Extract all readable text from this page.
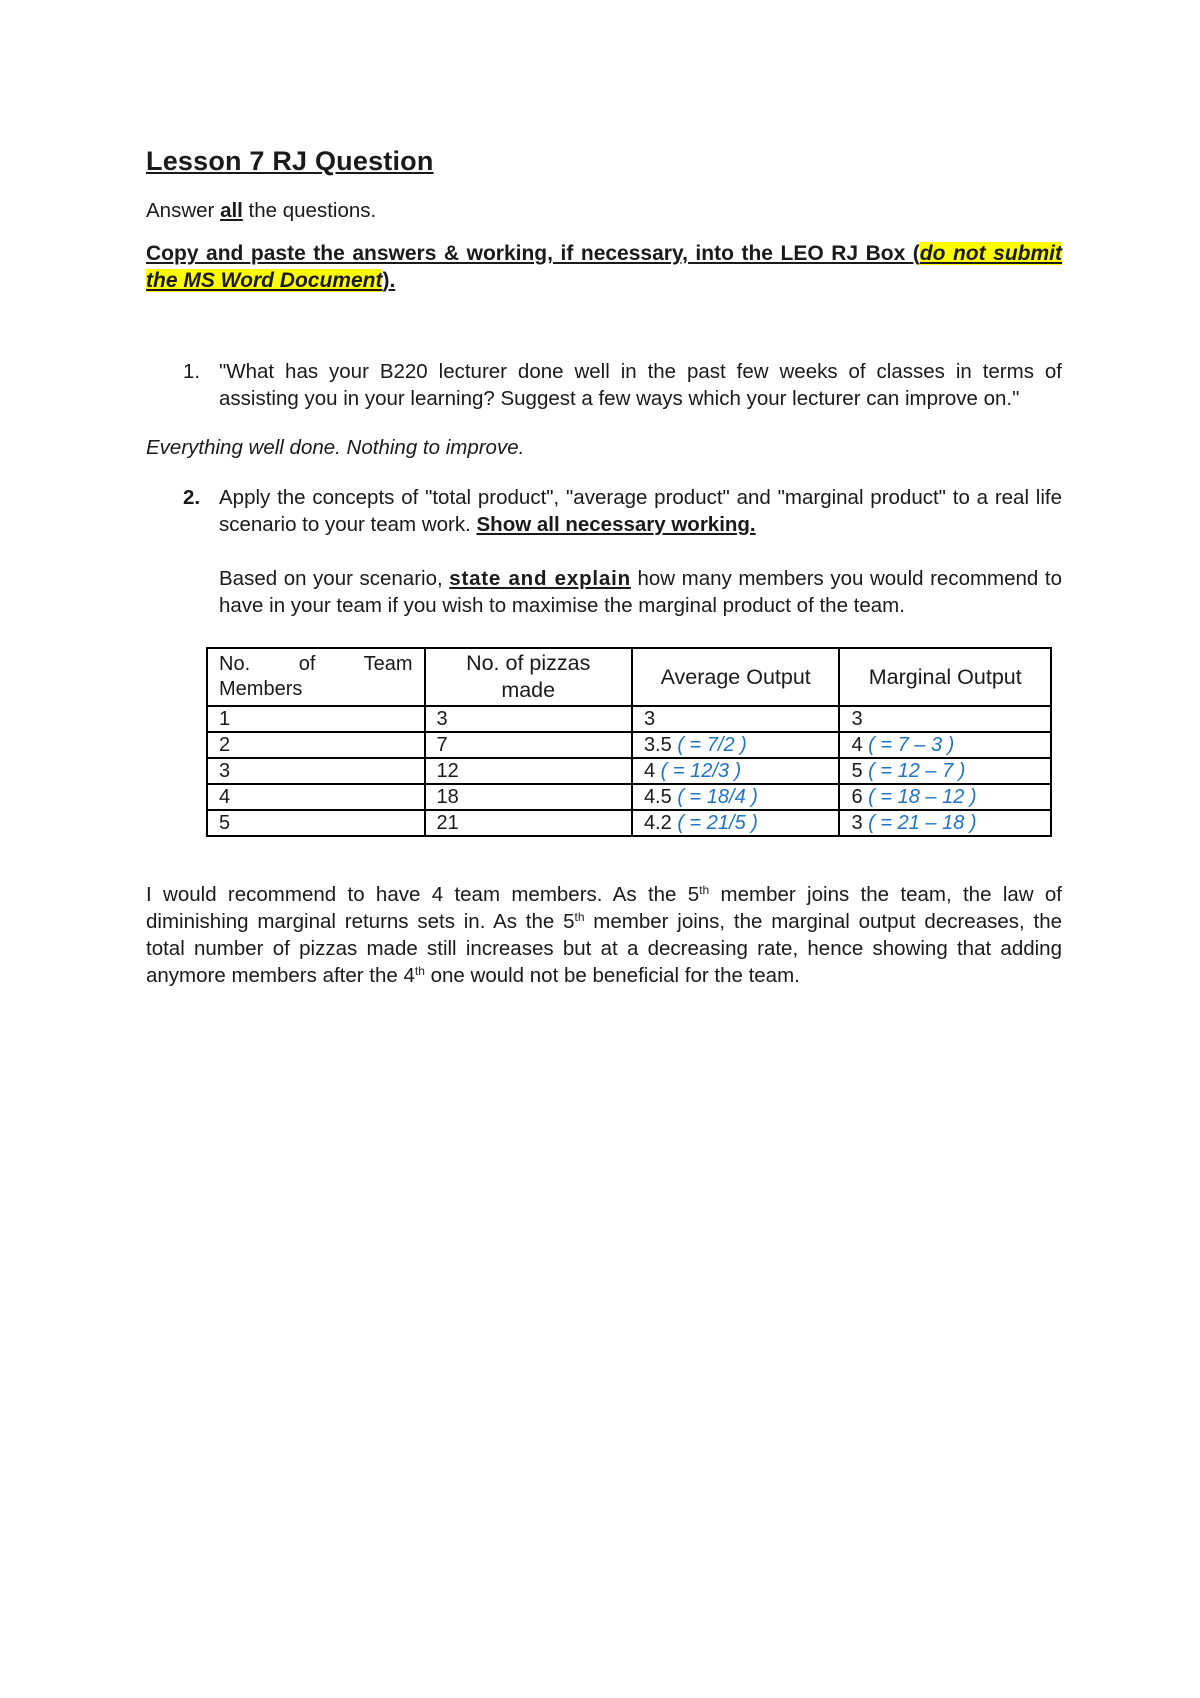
Lesson 7 RJ Question
Answer all the questions.
Copy and paste the answers & working, if necessary, into the LEO RJ Box (do not submit the MS Word Document).
1. "What has your B220 lecturer done well in the past few weeks of classes in terms of assisting you in your learning? Suggest a few ways which your lecturer can improve on."
Everything well done. Nothing to improve.
2. Apply the concepts of "total product", "average product" and "marginal product" to a real life scenario to your team work. Show all necessary working.
Based on your scenario, state and explain how many members you would recommend to have in your team if you wish to maximise the marginal product of the team.
No. of Team Members	No. of pizzas made	Average Output	Marginal Output
1	3	3	3
2	7	3.5 ( = 7/2 )	4 ( = 7 – 3 )
3	12	4 ( = 12/3 )	5 ( = 12 – 7 )
4	18	4.5 ( = 18/4 )	6 ( = 18 – 12 )
5	21	4.2 ( = 21/5 )	3 ( = 21 – 18 )
I would recommend to have 4 team members. As the 5th member joins the team, the law of diminishing marginal returns sets in. As the 5th member joins, the marginal output decreases, the total number of pizzas made still increases but at a decreasing rate, hence showing that adding anymore members after the 4th one would not be beneficial for the team.
